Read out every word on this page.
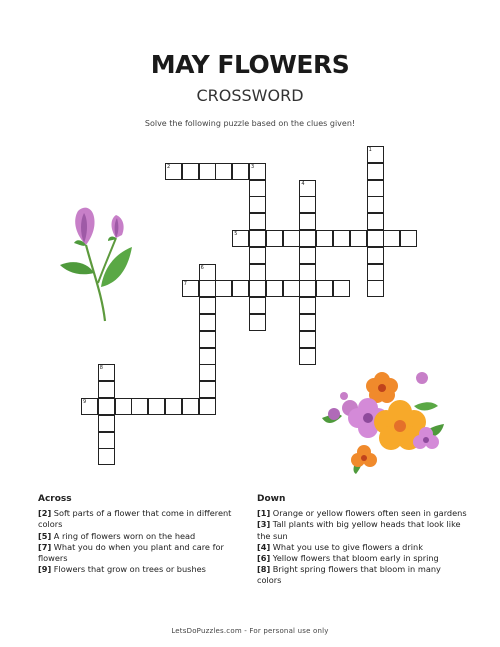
MAY FLOWERS
CROSSWORD
Solve the following puzzle based on the clues given!
1
2	3
4
5
6
7
8
9
Across
[2] Soft parts of a flower that come in different colors
[5] A ring of flowers worn on the head
[7] What you do when you plant and care for flowers
[9] Flowers that grow on trees or bushes
Down
[1] Orange or yellow flowers often seen in gardens
[3] Tall plants with big yellow heads that look like the sun
[4] What you use to give flowers a drink
[6] Yellow flowers that bloom early in spring
[8] Bright spring flowers that bloom in many colors
LetsDoPuzzles.com - For personal use only
